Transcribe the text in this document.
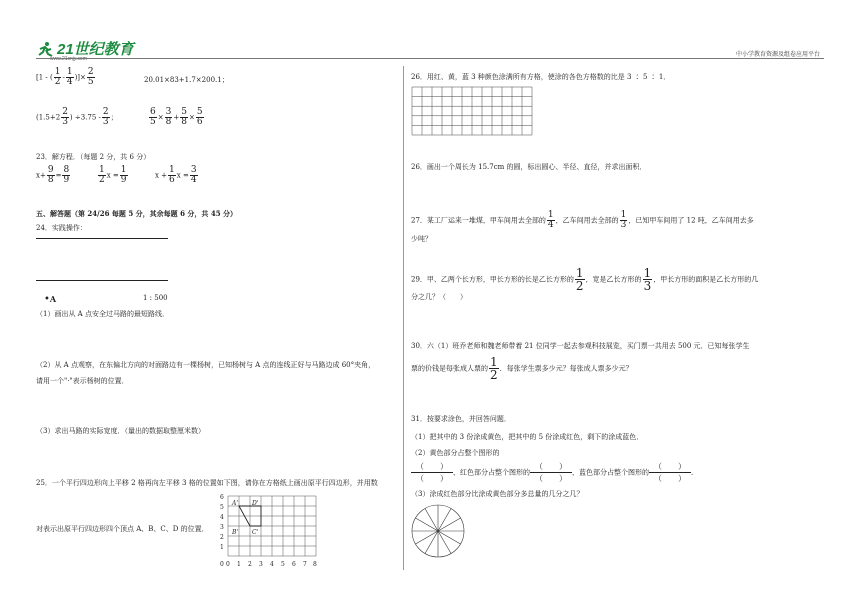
21世纪教育
www.21cnjy.com
中小学教育资源及组卷应用平台
[1 - ( $\frac{1}{2} - \frac{1}{4}$ )]× $\frac{2}{5}$	20.01×83+1.7×200.1；
($1.5+2 \frac{2}{3}$ ) $\div 3.75 - \frac{2}{3}$ ；	$\frac{6}{5} \times \frac{3}{8} + \frac{5}{8} \times \frac{5}{6}$
23．解方程．（每题 2 分，共 6 分）
$x+ \frac{9}{8} = \frac{8}{9}$	$\frac{1}{2}$ $x = \frac{1}{9}$	$x + \frac{1}{6}$ $x = \frac{3}{4}$
五、解答题（第 24/26 每题 5 分，其余每题 6 分，共 45 分）
24．实践操作：
•A	1 : 500
（1）画出从 A 点安全过马路的最短路线．
（2）从 A 点观察，在东偏北方向的对面路边有一棵杨树，已知杨树与 A 点的连线正好与马路边成 60°夹角，
请用一个"·"表示杨树的位置．
（3）求出马路的实际宽度．（量出的数据取整厘米数）
25．一个平行四边形向上平移 2 格再向左平移 3 格的位置如下图，请你在方格纸上画出原平行四边形，并用数
对表示出原平行四边形四个顶点 A、B、C、D 的位置．
A' D'
B' C'
6
5
4
3
2
1
0 0 1 2 3 4 5 6 7 8
26．用红、黄，蓝 3 种颜色涂满所有方格，使涂的各色方格数的比是 3 ∶ 5 ∶ 1．
26．画出一个周长为 15.7cm 的圆，标出圆心、半径、直径，并求出面积．
27．某工厂运来一堆煤，甲车间用去全部的 $\frac{1}{4}$ ，乙车间用去全部的 $\frac{1}{3}$ ，已知甲车间用了 12 吨，乙车间用去多
少吨？
29．甲、乙两个长方形，甲长方形的长是乙长方形的 $\frac{1}{2}$ ，宽是乙长方形的 $\frac{1}{3}$ ，甲长方形的面积是乙长方形的几
分之几？（　　）
30．六（1）班乔老师和魏老师带着 21 位同学一起去参观科技展览，买门票一共用去 500 元．已知每张学生
票的价钱是每张成人票的 $\frac{1}{2}$ ．每张学生票多少元？每张成人票多少元？
31．按要求涂色，并回答问题．
（1）把其中的 3 份涂成黄色，把其中的 5 份涂成红色，剩下的涂成蓝色．
（2）黄色部分占整个图形的
（　　）
（　　）
，红色部分占整个图形的
（　　）
（　　）
，蓝色部分占整个图形的
（　　）
（　　）
．
（3）涂成红色部分比涂成黄色部分多总量的几分之几？
